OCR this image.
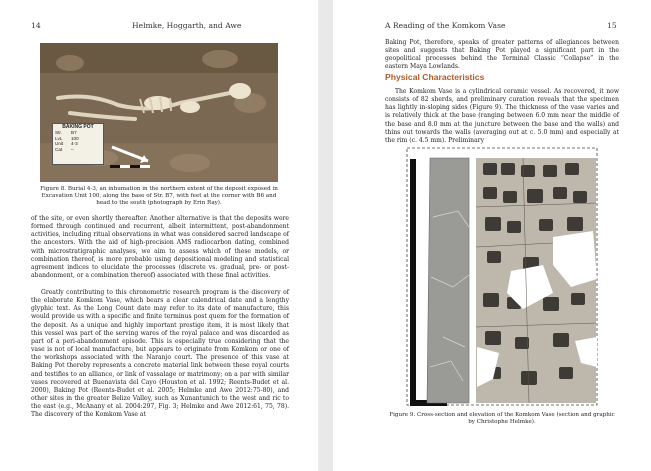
14	Helmke, Hoggarth, and Awe
BAKING POT
Str.	B7
LvL	100
Unit	4-3
Cat	–

Figure 8. Burial 4-3, an inhumation in the northern extent of the deposit exposed in Excavation Unit 100, along the base of Str. B7, with feet at the corner with B6 and head to the south (photograph by Erin Ray).

of the site, or even shortly thereafter. Another alternative is that the deposits were formed through continued and recurrent, albeit intermittent, post-abandonment activities, including ritual observations in what was considered sacred landscape of the ancestors. With the aid of high-precision AMS radiocarbon dating, combined with microstratigraphic analyses, we aim to assess which of these models, or combination thereof, is more probable using depositional modeling and statistical agreement indices to elucidate the processes (discrete vs. gradual, pre- or post-abandonment, or a combination thereof) associated with these final activities.

Greatly contributing to this chronometric research program is the discovery of the elaborate Komkom Vase, which bears a clear calendrical date and a lengthy glyphic text. As the Long Count date may refer to its date of manufacture, this would provide us with a specific and finite terminus post quem for the formation of the deposit. As a unique and highly important prestige item, it is most likely that this vessel was part of the serving wares of the royal palace and was discarded as part of a peri-abandonment episode. This is especially true considering that the vase is not of local manufacture, but appears to originate from Komkom or one of the workshops associated with the Naranjo court. The presence of this vase at Baking Pot thereby represents a concrete material link between these royal courts and testifies to an alliance, or link of vassalage or matrimony; on a par with similar vases recovered at Buenavista del Cayo (Houston et al. 1992; Reents-Budet et al. 2000), Baking Pot (Reents-Budet et al. 2005; Helmke and Awe 2012:75-80), and other sites in the greater Belize Valley, such as Xunantunich to the west and ric to the east (e.g., McAnany et al. 2004:297, Fig. 3; Helmke and Awe 2012:61, 75, 78). The discovery of the Komkom Vase at

A Reading of the Komkom Vase	15

Baking Pot, therefore, speaks of greater patterns of allegiances between sites and suggests that Baking Pot played a significant part in the geopolitical processes behind the Terminal Classic “Collapse” in the eastern Maya Lowlands.

Physical Characteristics

The Komkom Vase is a cylindrical ceramic vessel. As recovered, it now consists of 82 sherds, and preliminary curation reveals that the specimen has lightly in-sloping sides (Figure 9). The thickness of the vase varies and is relatively thick at the base (ranging between 6.0 mm near the middle of the base and 8.0 mm at the juncture between the base and the walls) and thins out towards the walls (averaging out at c. 5.0 mm) and especially at the rim (c. 4.5 mm). Preliminary

Figure 9. Cross-section and elevation of the Komkom Vase (section and graphic by Christophe Helmke).
